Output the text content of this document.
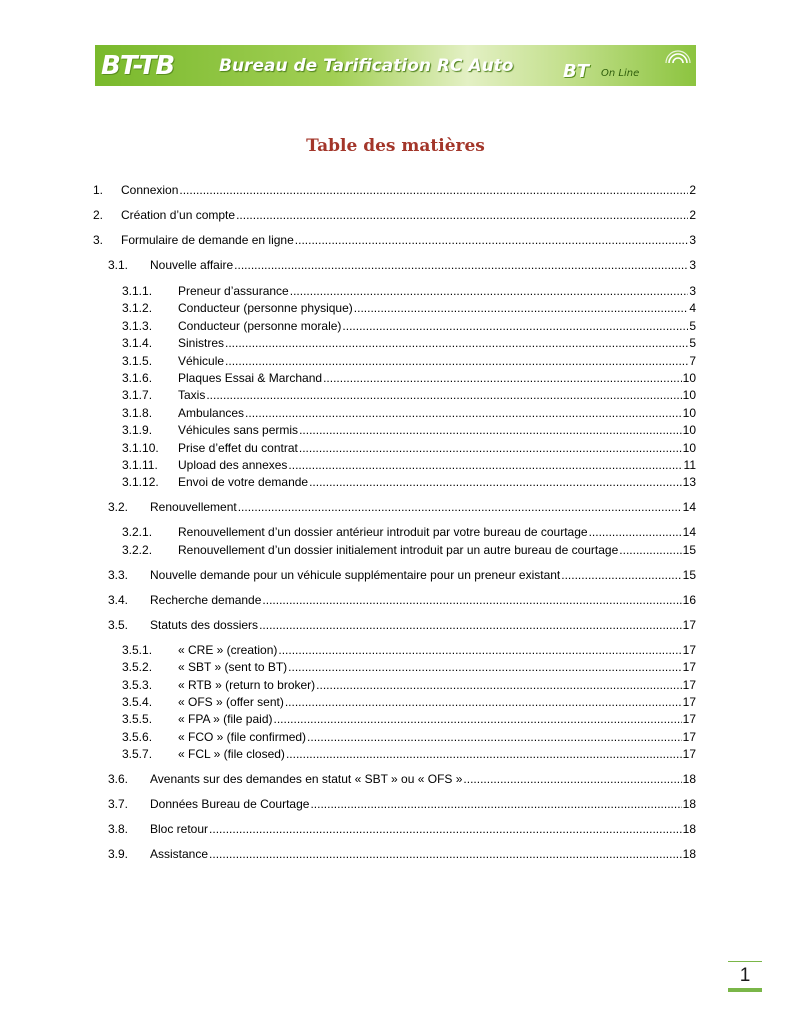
BT-TB	Bureau de Tarification RC Auto	BT On Line
Table des matières
1.	Connexion .....	2
2.	Création d’un compte .....	2
3.	Formulaire de demande en ligne .....	3
3.1.	Nouvelle affaire .....	3
3.1.1.	Preneur d’assurance .....	3
3.1.2.	Conducteur (personne physique) .....	4
3.1.3.	Conducteur (personne morale) .....	5
3.1.4.	Sinistres .....	5
3.1.5.	Véhicule .....	7
3.1.6.	Plaques Essai & Marchand .....	10
3.1.7.	Taxis .....	10
3.1.8.	Ambulances .....	10
3.1.9.	Véhicules sans permis .....	10
3.1.10.	Prise d’effet du contrat .....	10
3.1.11.	Upload des annexes .....	11
3.1.12.	Envoi de votre demande .....	13
3.2.	Renouvellement .....	14
3.2.1.	Renouvellement d’un dossier antérieur introduit par votre bureau de courtage .....	14
3.2.2.	Renouvellement d’un dossier initialement introduit par un autre bureau de courtage .....	15
3.3.	Nouvelle demande pour un véhicule supplémentaire pour un preneur existant .....	15
3.4.	Recherche demande .....	16
3.5.	Statuts des dossiers .....	17
3.5.1.	« CRE » (creation) .....	17
3.5.2.	« SBT » (sent to BT) .....	17
3.5.3.	« RTB » (return to broker) .....	17
3.5.4.	« OFS » (offer sent) .....	17
3.5.5.	« FPA » (file paid) .....	17
3.5.6.	« FCO » (file confirmed) .....	17
3.5.7.	« FCL » (file closed) .....	17
3.6.	Avenants sur des demandes en statut « SBT » ou « OFS » .....	18
3.7.	Données Bureau de Courtage .....	18
3.8.	Bloc retour .....	18
3.9.	Assistance .....	18
1
